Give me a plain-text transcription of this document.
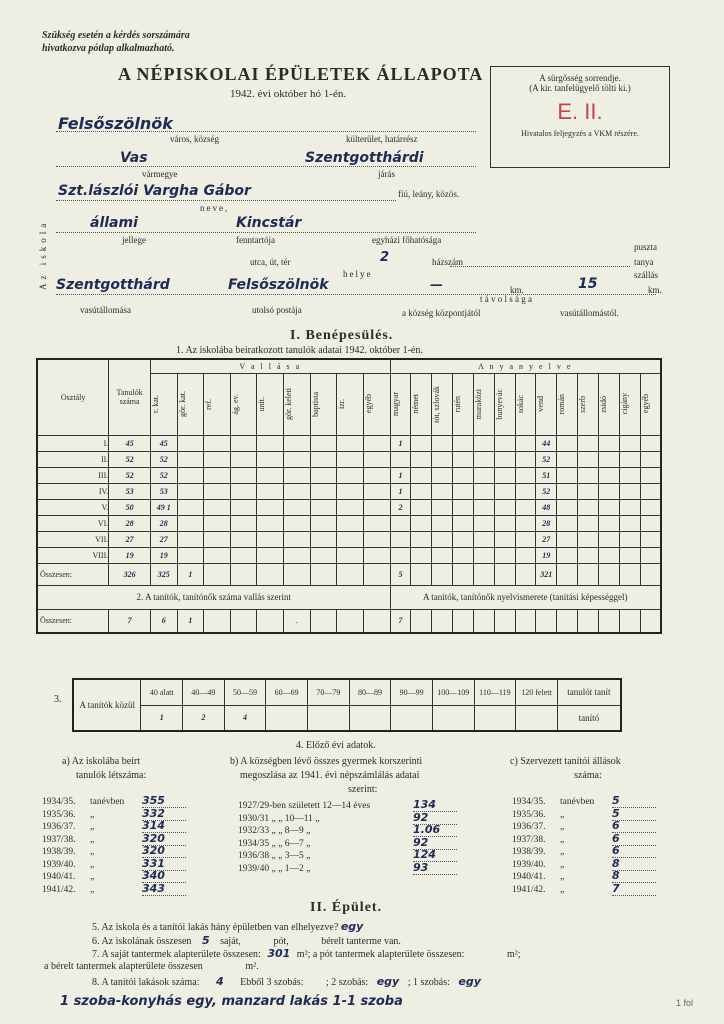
Szükség esetén a kérdés sorszámára
hivatkozva pótlap alkalmazható.
A NÉPISKOLAI ÉPÜLETEK ÁLLAPOTA
1942. évi október hó 1-én.
A sürgősség sorrendje.
(A kir. tanfelügyelő tölti ki.)
E. II.
Hivatalos feljegyzés a VKM részére.
Felsőszölnök
város, község	külterület, határrész
Vas	Szentgotthárdi
vármegye	járás
Az iskola
Szt.lászlói Vargha Gábor	fiú, leány, közös.
neve,
állami	Kincstár
jellege	fenntartója	egyházi főhatósága
puszta
utca, út, tér	2	házszám	tanya
helye	szállás
Szentgotthárd	Felsőszölnök	—	km.	15	km.
t á v o l s á g a
vasútállomása	utolsó postája	a község központjától	vasútállomástól.
I. Benépesülés.
1. Az iskolába beiratkozott tanulók adatai 1942. október 1-én.
Osztály	Tanulók száma	V a l l á s a									A n y a n y e l v e												

		r. kat.	gör. kat.	ref.	ág. ev.	unit.	gör. keleti	baptista	izr.	egyéb	magyar	német	tót, szlovák	rutén	muraközi	bunyevác	sokác	vend	román	szerb	zsidó	cigány	egyéb

I.	45	45									1							44					
II.	52	52																52					
III.	52	52									1							51					
IV.	53	53									1							52					
V.	50	49 1									2							48					
VI.	28	28																28					
VII.	27	27																27					
VIII.	19	19																19					
Összesen:	326	325	1								5							321					
2. A tanítók, tanítónők száma vallás szerint											A tanítók, tanítónők nyelvismerete (tanítási képességgel)												
Összesen:	7	6	1				.				7												
3. A tanítók közül	40 alatt	40—49	50—59	60—69	70—79	80—89	90—99	100—109	110—119	120 felett	tanulót tanít
	1	2	4								tanító
4. Előző évi adatok.
a) Az iskolába beírt
tanulók létszáma:
1934/35. tanévben 355
1935/36. „	332
1936/37. „	314
1937/38. „	320
1938/39. „	320
1939/40. „	331
1940/41. „	340
1941/42. „	343
b) A községben lévő összes gyermek korszerinti
megoszlása az 1941. évi népszámlálás adatai
szerint:
1927/29-ben született 12—14 éves	134
1930/31 „ „ 10—11 „	92
1932/33 „ „ 8—9 „	1.06
1934/35 „ „ 6—7 „	92
1936/38 „ „ 3—5 „	124
1939/40 „ „ 1—2 „	93
c) Szervezett tanítói állások
száma:
1934/35. tanévben 5
1935/36. „	5
1936/37. „	6
1937/38. „	6
1938/39. „	6
1939/40. „	8
1940/41. „	8
1941/42. „	7
II. Épület.
5. Az iskola és a tanítói lakás hány épületben van elhelyezve? egy
6. Az iskolának összesen 5 saját,	pót,	bérelt tanterme van.
7. A saját tantermek alapterülete összesen: 301 m²; a pót tantermek alapterülete összesen:	m²;
a bérelt tantermek alapterülete összesen	m².
8. A tanítói lakások száma: 4 Ebből 3 szobás: ; 2 szobás: egy ; 1 szobás: egy
1 szoba-konyhás egy, manzard lakás 1-1 szoba	1 fol
